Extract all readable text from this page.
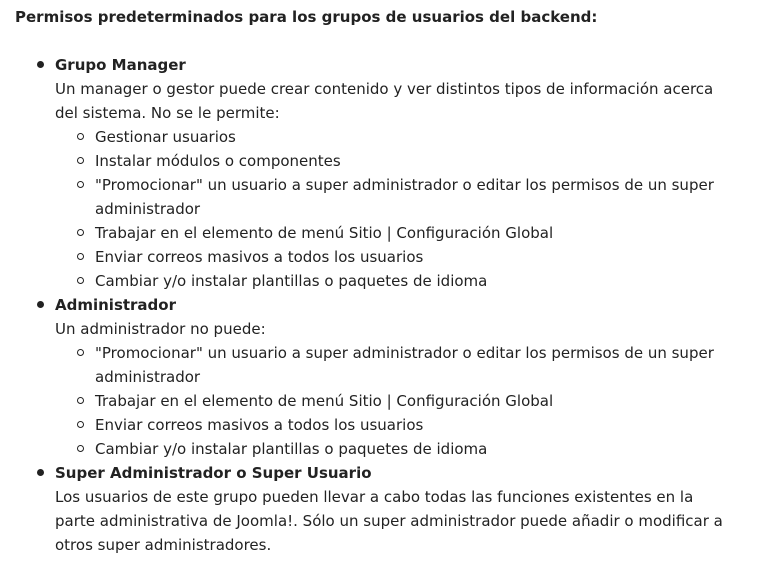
Permisos predeterminados para los grupos de usuarios del backend:

Grupo Manager
Un manager o gestor puede crear contenido y ver distintos tipos de información acerca del sistema. No se le permite:
Gestionar usuarios
Instalar módulos o componentes
"Promocionar" un usuario a super administrador o editar los permisos de un super administrador
Trabajar en el elemento de menú Sitio | Configuración Global
Enviar correos masivos a todos los usuarios
Cambiar y/o instalar plantillas o paquetes de idioma
Administrador
Un administrador no puede:
"Promocionar" un usuario a super administrador o editar los permisos de un super administrador
Trabajar en el elemento de menú Sitio | Configuración Global
Enviar correos masivos a todos los usuarios
Cambiar y/o instalar plantillas o paquetes de idioma
Super Administrador o Super Usuario
Los usuarios de este grupo pueden llevar a cabo todas las funciones existentes en la parte administrativa de Joomla!. Sólo un super administrador puede añadir o modificar a otros super administradores.
